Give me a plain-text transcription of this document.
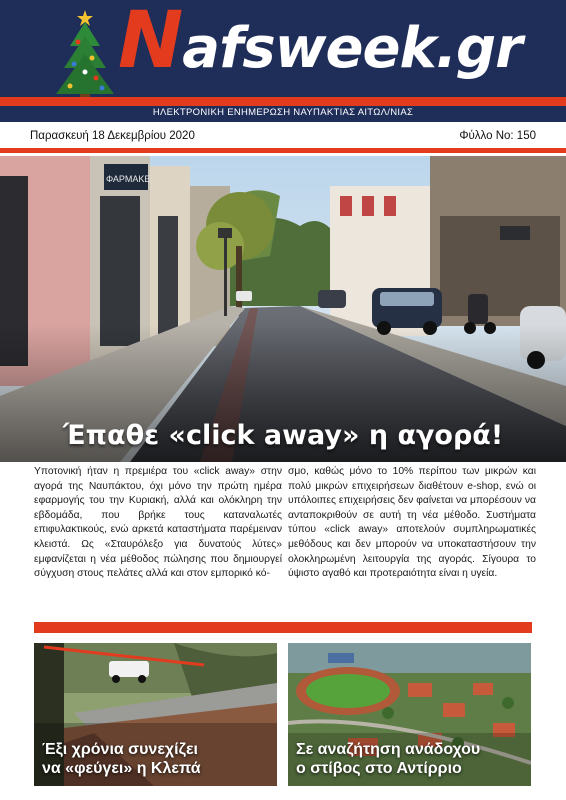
Nafsweek.gr
ΗΛΕΚΤΡΟΝΙΚΗ ΕΝΗΜΕΡΩΣΗ ΝΑΥΠΑΚΤΙΑΣ ΑΙΤΩΛ/ΝΙΑΣ
Παρασκευή 18 Δεκεμβρίου 2020	Φύλλο Νο: 150
Έπαθε «click away» η αγορά!
Υποτονική ήταν η πρεμιέρα του «click away» στην αγορά της Ναυπάκτου, όχι μόνο την πρώτη ημέρα εφαρμογής του την Κυριακή, αλλά και ολόκληρη την εβδομάδα, που βρήκε τους καταναλωτές επιφυλακτικούς, ενώ αρκετά καταστήματα παρέμειναν κλειστά. Ως «Σταυρόλεξο για δυνατούς λύτες» εμφανίζεται η νέα μέθοδος πώλησης που δημιουργεί σύγχυση στους πελάτες αλλά και στον εμπορικό κό-
σμο, καθώς μόνο το 10% περίπου των μικρών και πολύ μικρών επιχειρήσεων διαθέτουν e-shop, ενώ οι υπόλοιπες επιχειρήσεις δεν φαίνεται να μπορέσουν να ανταποκριθούν σε αυτή τη νέα μέθοδο. Συστήματα τύπου «click away» αποτελούν συμπληρωματικές μεθόδους και δεν μπορούν να υποκαταστήσουν την ολοκληρωμένη λειτουργία της αγοράς. Σίγουρα το ύψιστο αγαθό και προτεραιότητα είναι η υγεία.
Έξι χρόνια συνεχίζει
να «φεύγει» η Κλεπά
Σε αναζήτηση ανάδοχου
ο στίβος στο Αντίρριο
